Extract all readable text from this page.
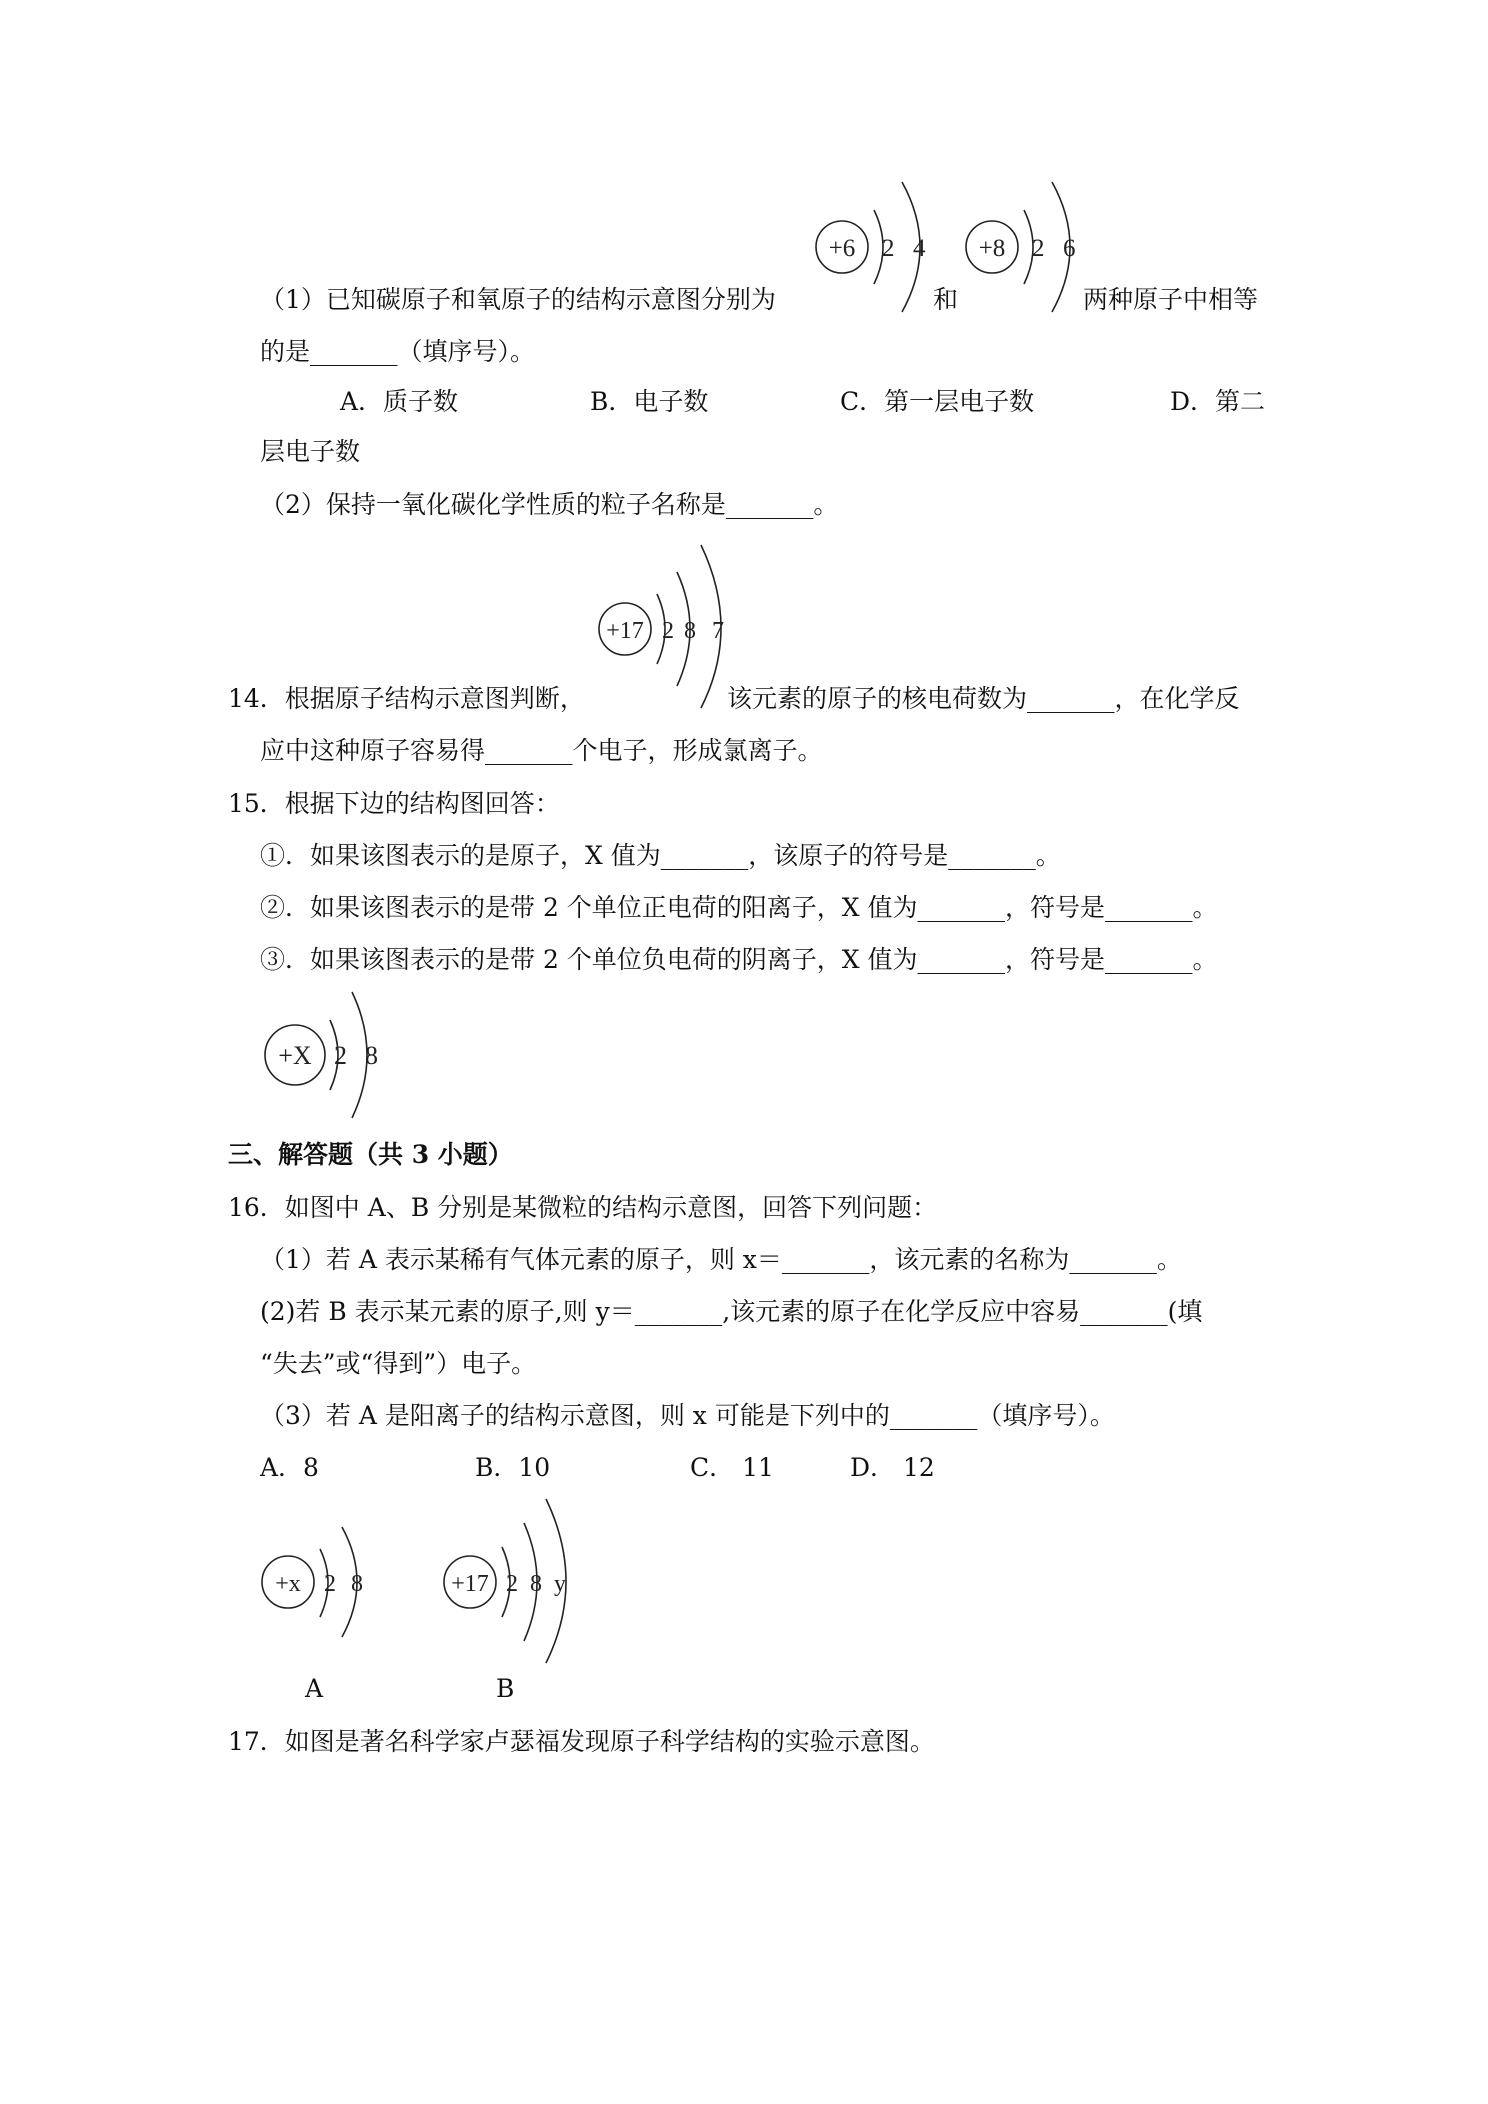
（1）已知碳原子和氧原子的结构示意图分别为
+6 2 4
和
+8 2 6
两种原子中相等
的是_______（填序号）。
A．质子数	B．电子数	C．第一层电子数	D．第二
层电子数
（2）保持一氧化碳化学性质的粒子名称是_______。
+17 2 8 7
14．根据原子结构示意图判断，	该元素的原子的核电荷数为_______，在化学反
应中这种原子容易得_______个电子，形成氯离子。
15．根据下边的结构图回答：
①．如果该图表示的是原子，X 值为_______，该原子的符号是_______。
②．如果该图表示的是带 2 个单位正电荷的阳离子，X 值为_______，符号是_______。
③．如果该图表示的是带 2 个单位负电荷的阴离子，X 值为_______，符号是_______。
+X 2 8
三、解答题（共 3 小题）
16．如图中 A、B 分别是某微粒的结构示意图，回答下列问题：
（1）若 A 表示某稀有气体元素的原子，则 x＝_______，该元素的名称为_______。
(2)若 B 表示某元素的原子,则 y＝_______,该元素的原子在化学反应中容易_______(填
“失去”或“得到”）电子。
（3）若 A 是阳离子的结构示意图，则 x 可能是下列中的_______（填序号）。
A．8	B．10	C． 11	D． 12
+x 2 8
A
+17 2 8 y
B
17．如图是著名科学家卢瑟福发现原子科学结构的实验示意图。
